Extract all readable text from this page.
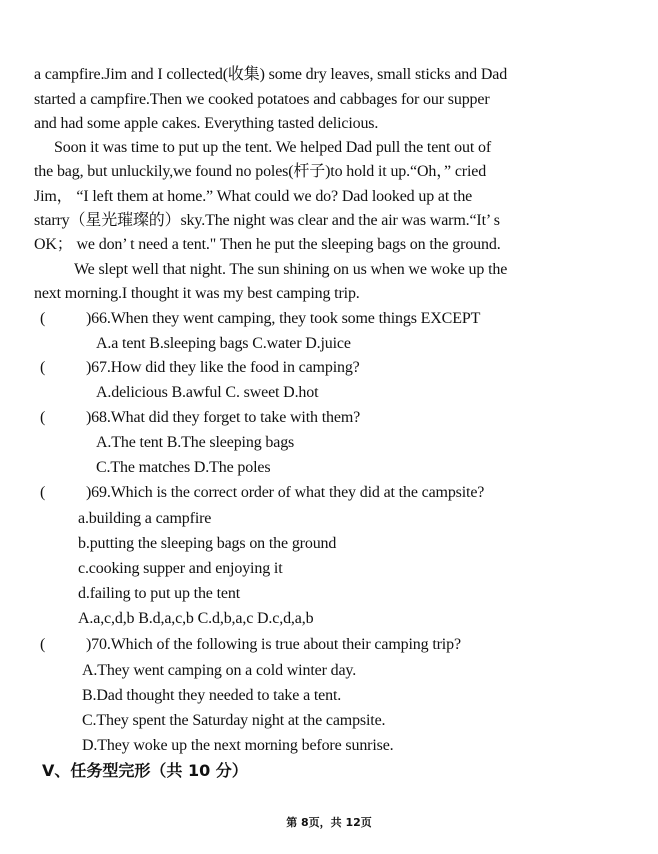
a campfire.Jim and I collected(收集) some dry leaves, small sticks and Dad
started a campfire.Then we cooked potatoes and cabbages for our supper
and had some apple cakes. Everything tasted delicious.
Soon it was time to put up the tent. We helped Dad pull the tent out of
the bag, but unluckily,we found no poles(杆子)to hold it up.“Oh，” cried
Jim， “I left them at home.” What could we do? Dad looked up at the
starry（星光璀璨的）sky.The night was clear and the air was warm.“It’ s
OK； we don’ t need a tent." Then he put the sleeping bags on the ground.
We slept well that night. The sun shining on us when we woke up the
next morning.I thought it was my best camping trip.
(	)66.When they went camping, they took some things EXCEPT
A.a tent B.sleeping bags C.water D.juice
(	)67.How did they like the food in camping?
A.delicious B.awful C. sweet D.hot
(	)68.What did they forget to take with them?
A.The tent B.The sleeping bags
C.The matches D.The poles
(	)69.Which is the correct order of what they did at the campsite?
a.building a campfire
b.putting the sleeping bags on the ground
c.cooking supper and enjoying it
d.failing to put up the tent
A.a,c,d,b B.d,a,c,b C.d,b,a,c D.c,d,a,b
(	)70.Which of the following is true about their camping trip?
A.They went camping on a cold winter day.
B.Dad thought they needed to take a tent.
C.They spent the Saturday night at the campsite.
D.They woke up the next morning before sunrise.
V、任务型完形（共 10 分）
第 8页，共 12页
